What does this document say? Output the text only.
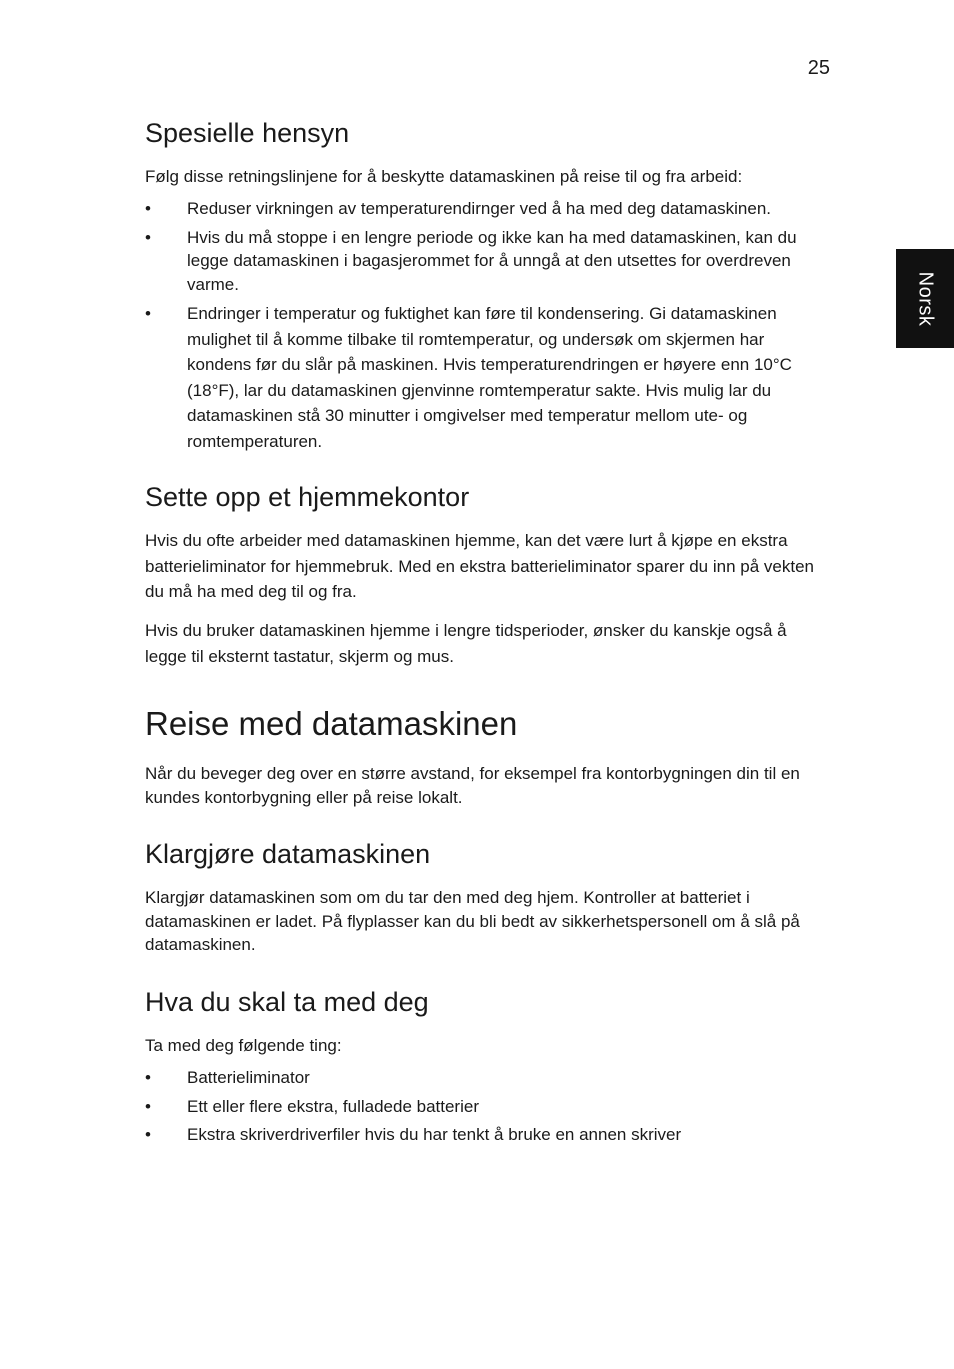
25
Norsk
Spesielle hensyn

Følg disse retningslinjene for å beskytte datamaskinen på reise til og fra arbeid:

• Reduser virkningen av temperaturendirnger ved å ha med deg datamaskinen.
• Hvis du må stoppe i en lengre periode og ikke kan ha med datamaskinen, kan du legge datamaskinen i bagasjerommet for å unngå at den utsettes for overdreven varme.
• Endringer i temperatur og fuktighet kan føre til kondensering. Gi datamaskinen mulighet til å komme tilbake til romtemperatur, og undersøk om skjermen har kondens før du slår på maskinen. Hvis temperaturendringen er høyere enn 10°C (18°F), lar du datamaskinen gjenvinne romtemperatur sakte. Hvis mulig lar du datamaskinen stå 30 minutter i omgivelser med temperatur mellom ute- og romtemperaturen.
Sette opp et hjemmekontor

Hvis du ofte arbeider med datamaskinen hjemme, kan det være lurt å kjøpe en ekstra batterieliminator for hjemmebruk. Med en ekstra batterieliminator sparer du inn på vekten du må ha med deg til og fra.

Hvis du bruker datamaskinen hjemme i lengre tidsperioder, ønsker du kanskje også å legge til eksternt tastatur, skjerm og mus.

Reise med datamaskinen

Når du beveger deg over en større avstand, for eksempel fra kontorbygningen din til en kundes kontorbygning eller på reise lokalt.

Klargjøre datamaskinen

Klargjør datamaskinen som om du tar den med deg hjem. Kontroller at batteriet i datamaskinen er ladet. På flyplasser kan du bli bedt av sikkerhetspersonell om å slå på datamaskinen.

Hva du skal ta med deg

Ta med deg følgende ting:

• Batterieliminator
• Ett eller flere ekstra, fulladede batterier
• Ekstra skriverdriverfiler hvis du har tenkt å bruke en annen skriver
